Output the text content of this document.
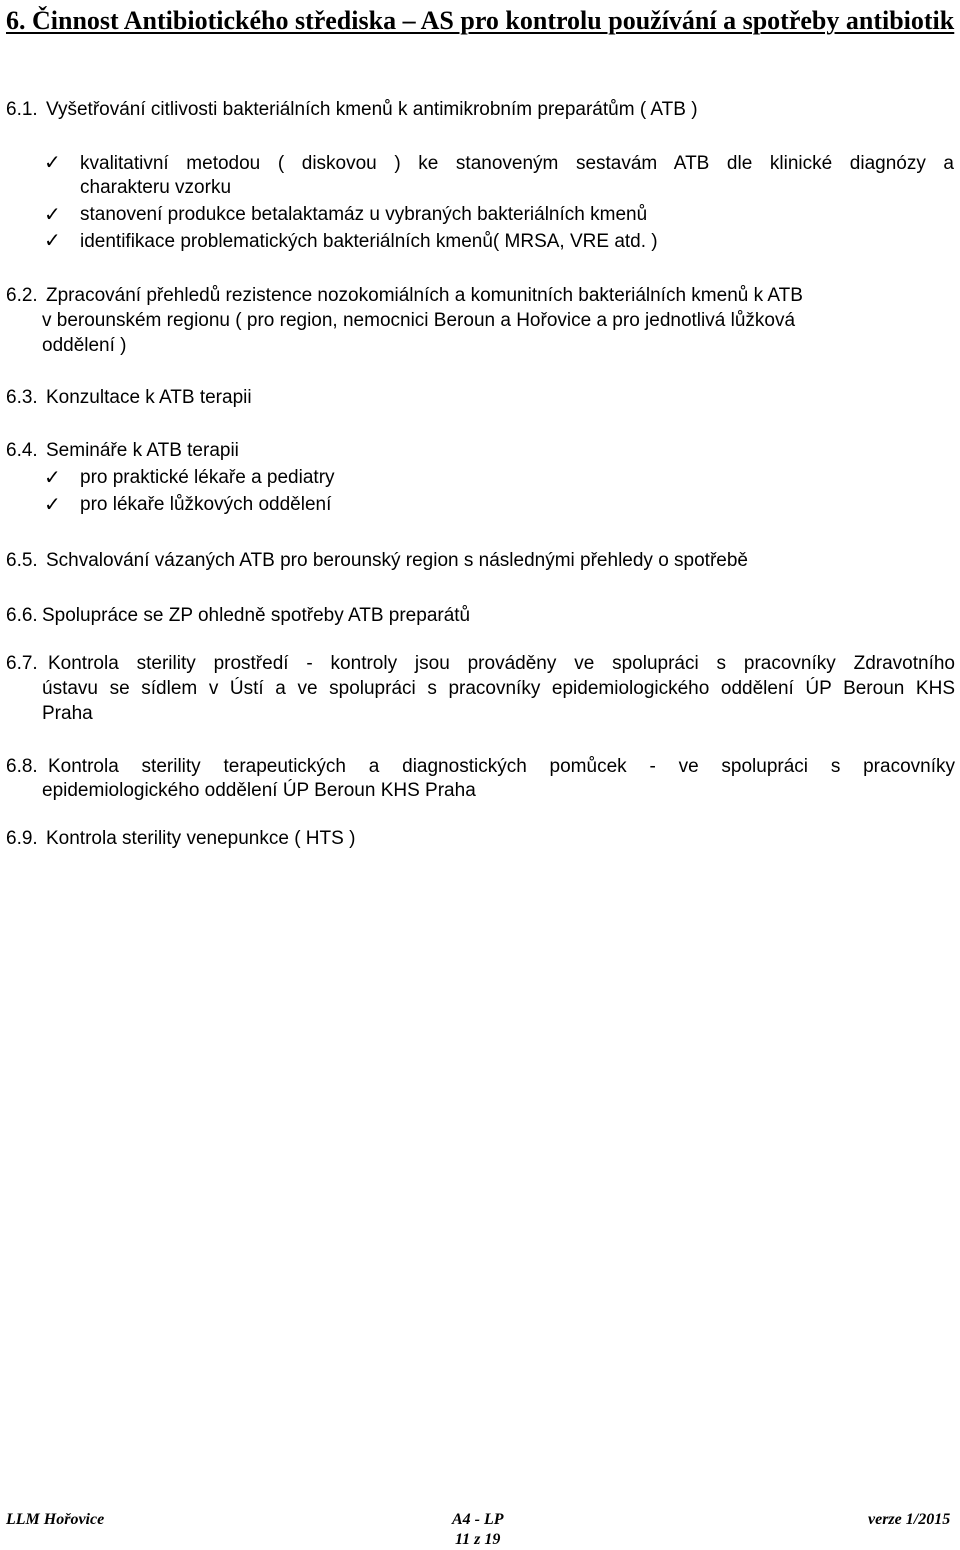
6. Činnost Antibiotického střediska – AS pro kontrolu používání a spotřeby antibiotik
6.1. Vyšetřování citlivosti bakteriálních kmenů k antimikrobním preparátům ( ATB )
✓ kvalitativní metodou ( diskovou ) ke stanoveným sestavám ATB dle klinické diagnózy a
charakteru vzorku
✓ stanovení produkce betalaktamáz u vybraných bakteriálních kmenů
✓ identifikace problematických bakteriálních kmenů( MRSA, VRE atd. )
6.2. Zpracování přehledů rezistence nozokomiálních a komunitních bakteriálních kmenů k ATB
v berounském regionu ( pro region, nemocnici Beroun a Hořovice a pro jednotlivá lůžková
oddělení )
6.3. Konzultace k ATB terapii
6.4. Semináře k ATB terapii
✓ pro praktické lékaře a pediatry
✓ pro lékaře lůžkových oddělení
6.5. Schvalování vázaných ATB pro berounský region s následnými přehledy o spotřebě
6.6. Spolupráce se ZP ohledně spotřeby ATB preparátů
6.7. Kontrola sterility prostředí - kontroly jsou prováděny ve spolupráci s pracovníky Zdravotního
ústavu se sídlem v Ústí a ve spolupráci s pracovníky epidemiologického oddělení ÚP Beroun KHS
Praha
6.8. Kontrola sterility terapeutických a diagnostických pomůcek - ve spolupráci s pracovníky
epidemiologického oddělení ÚP Beroun KHS Praha
6.9. Kontrola sterility venepunkce ( HTS )
LLM Hořovice	A4 - LP
11 z 19
verze 1/2015
